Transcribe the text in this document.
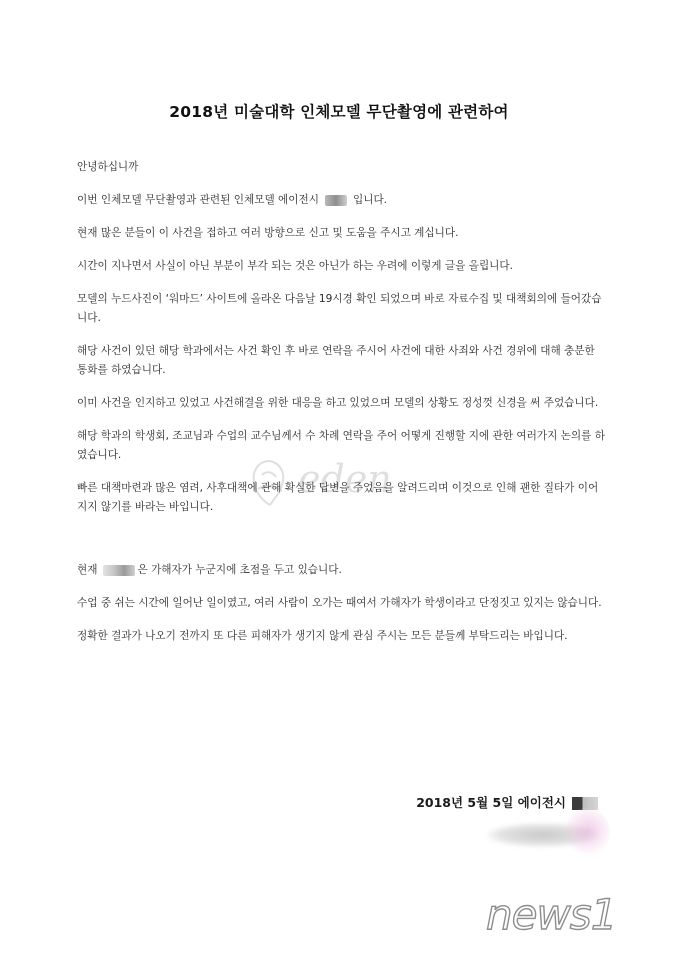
2018년 미술대학 인체모델 무단촬영에 관련하여

안녕하십니까

이번 인체모델 무단촬영과 관련된 인체모델 에이전시	입니다.

현재 많은 분들이 이 사건을 접하고 여러 방향으로 신고 및 도움을 주시고 계십니다.

시간이 지나면서 사실이 아닌 부분이 부각 되는 것은 아닌가 하는 우려에 이렇게 글을 올립니다.

모델의 누드사진이 ‘워마드’ 사이트에 올라온 다음날 19시경 확인 되었으며 바로 자료수집 및 대책회의에 들어갔습니다.

해당 사건이 있던 해당 학과에서는 사건 확인 후 바로 연락을 주시어 사건에 대한 사죄와 사건 경위에 대해 충분한 통화를 하였습니다.

이미 사건을 인지하고 있었고 사건해결을 위한 대응을 하고 있었으며 모델의 상황도 정성껏 신경을 써 주었습니다.

해당 학과의 학생회, 조교님과 수업의 교수님께서 수 차례 연락을 주어 어떻게 진행할 지에 관한 여러가지 논의를 하였습니다.

빠른 대책마련과 많은 염려, 사후대책에 관해 확실한 답변을 주었음을 알려드리며 이것으로 인해 괜한 질타가 이어지지 않기를 바라는 바입니다.

현재	은 가해자가 누군지에 초점을 두고 있습니다.

수업 중 쉬는 시간에 일어난 일이였고, 여러 사람이 오가는 때여서 가해자가 학생이라고 단정짓고 있지는 않습니다.

정확한 결과가 나오기 전까지 또 다른 피해자가 생기지 않게 관심 주시는 모든 분들께 부탁드리는 바입니다.

2018년 5월 5일 에이전시
eden
news1
